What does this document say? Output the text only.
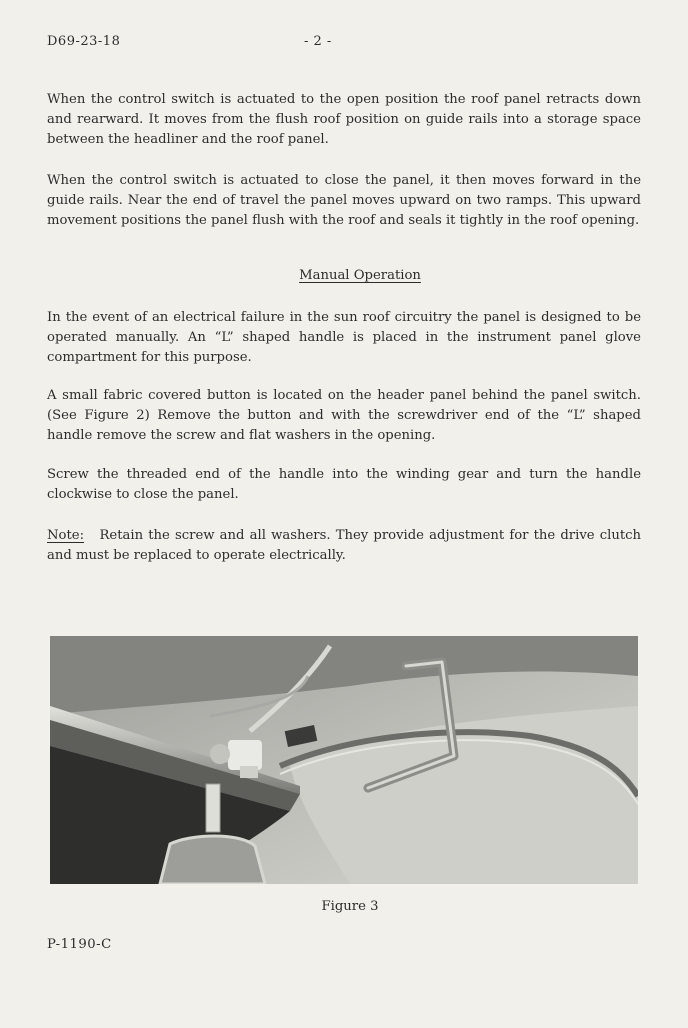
D69-23-18	- 2 -

When the control switch is actuated to the open position the roof panel retracts down and rearward. It moves from the flush roof position on guide rails into a storage space between the headliner and the roof panel.

When the control switch is actuated to close the panel, it then moves forward in the guide rails. Near the end of travel the panel moves upward on two ramps. This upward movement positions the panel flush with the roof and seals it tightly in the roof opening.

Manual Operation

In the event of an electrical failure in the sun roof circuitry the panel is designed to be operated manually. An “L” shaped handle is placed in the instrument panel glove compartment for this purpose.

A small fabric covered button is located on the header panel behind the panel switch. (See Figure 2) Remove the button and with the screwdriver end of the “L” shaped handle remove the screw and flat washers in the opening.

Screw the threaded end of the handle into the winding gear and turn the handle clockwise to close the panel.

Note: Retain the screw and all washers. They provide adjustment for the drive clutch and must be replaced to operate electrically.

Figure 3
P-1190-C
